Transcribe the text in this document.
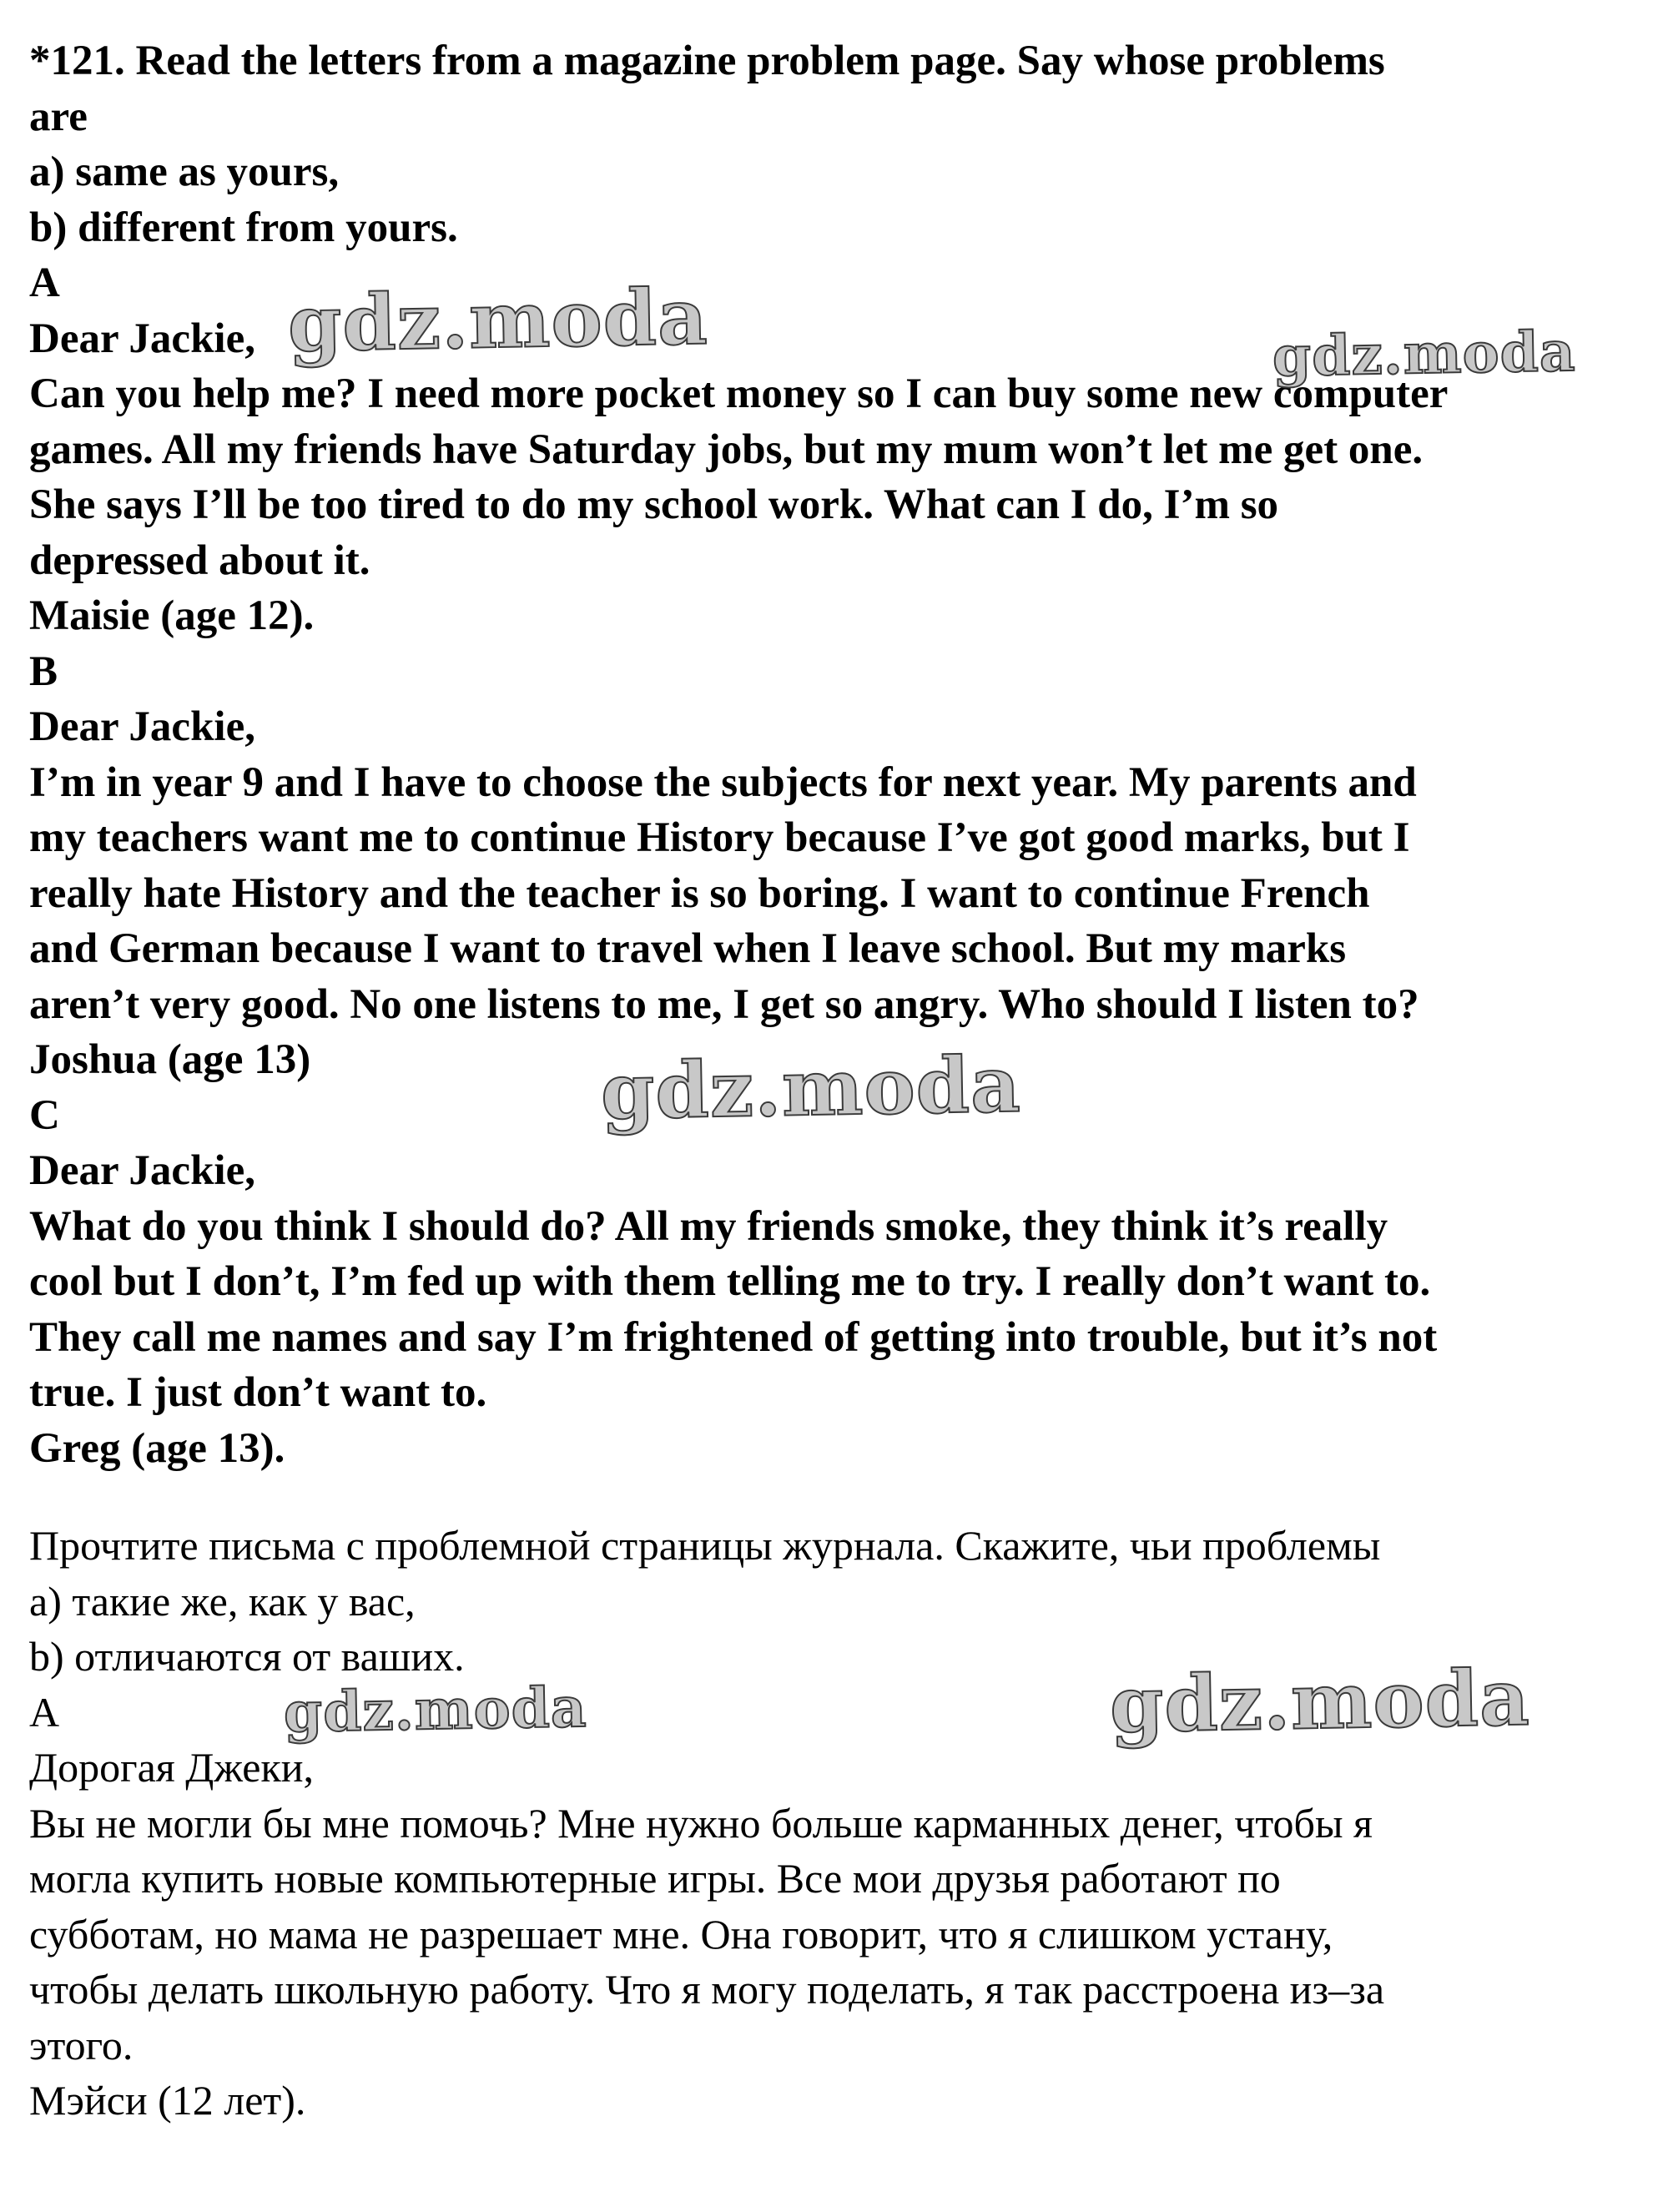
*121. Read the letters from a magazine problem page. Say whose problems

are

a) same as yours,

b) different from yours.

A

Dear Jackie,

Can you help me? I need more pocket money so I can buy some new computer

games. All my friends have Saturday jobs, but my mum won’t let me get one.

She says I’ll be too tired to do my school work. What can I do, I’m so

depressed about it.

Maisie (age 12).

B

Dear Jackie,

I’m in year 9 and I have to choose the subjects for next year. My parents and

my teachers want me to continue History because I’ve got good marks, but I

really hate History and the teacher is so boring. I want to continue French

and German because I want to travel when I leave school. But my marks

aren’t very good. No one listens to me, I get so angry. Who should I listen to?

Joshua (age 13)

C

Dear Jackie,

What do you think I should do? All my friends smoke, they think it’s really

cool but I don’t, I’m fed up with them telling me to try. I really don’t want to.

They call me names and say I’m frightened of getting into trouble, but it’s not

true. I just don’t want to.

Greg (age 13).

Прочтите письма с проблемной страницы журнала. Скажите, чьи проблемы

a) такие же, как у вас,

b) отличаются от ваших.

A

Дорогая Джеки,

Вы не могли бы мне помочь? Мне нужно больше карманных денег, чтобы я

могла купить новые компьютерные игры. Все мои друзья работают по

субботам, но мама не разрешает мне. Она говорит, что я слишком устану,

чтобы делать школьную работу. Что я могу поделать, я так расстроена из–за

этого.

Мэйси (12 лет).

gdz.moda	gdz.moda
gdz.moda
gdz.moda	gdz.moda
